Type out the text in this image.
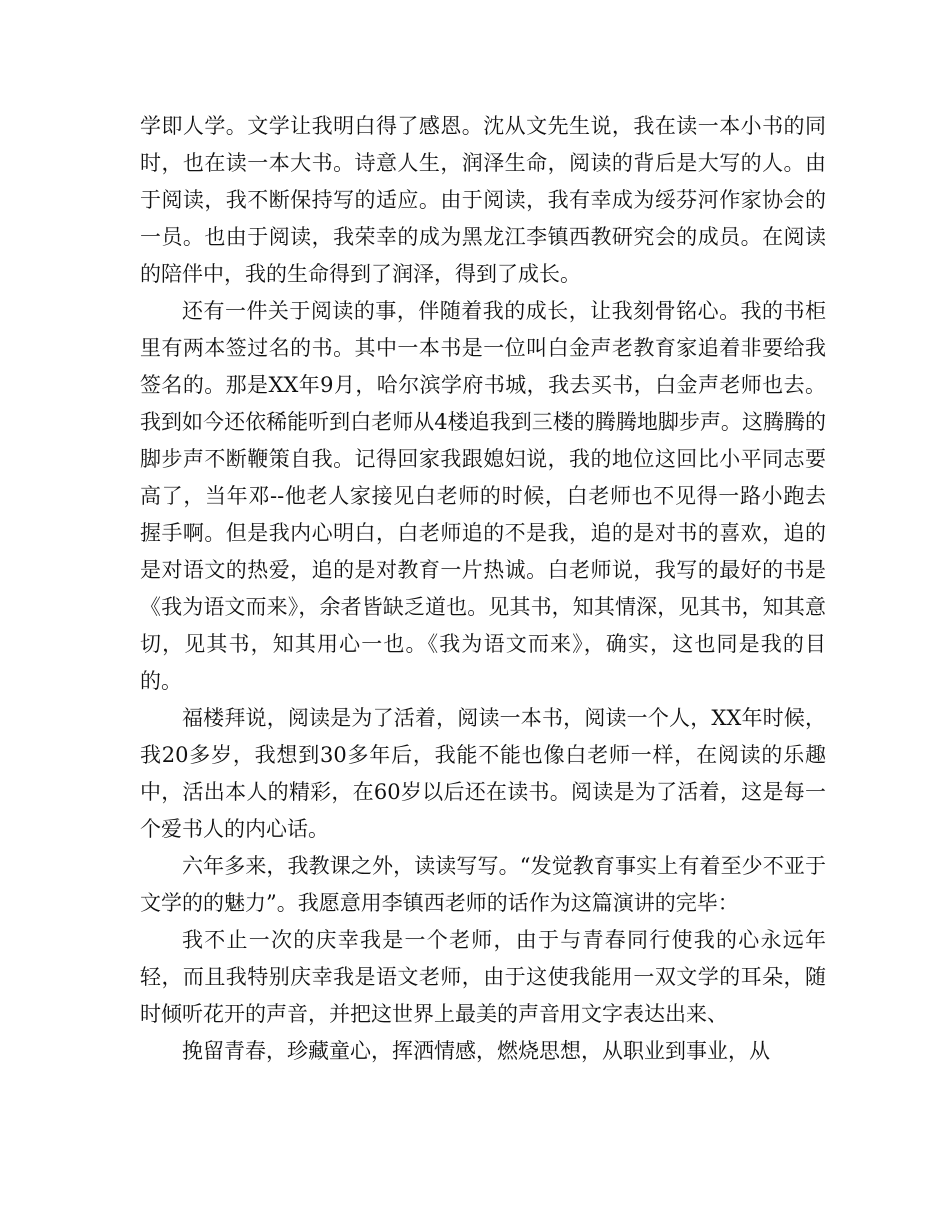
学即人学。文学让我明白得了感恩。沈从文先生说，我在读一本小书的同时，也在读一本大书。诗意人生，润泽生命，阅读的背后是大写的人。由于阅读，我不断保持写的适应。由于阅读，我有幸成为绥芬河作家协会的一员。也由于阅读，我荣幸的成为黑龙江李镇西教研究会的成员。在阅读的陪伴中，我的生命得到了润泽，得到了成长。

还有一件关于阅读的事，伴随着我的成长，让我刻骨铭心。我的书柜里有两本签过名的书。其中一本书是一位叫白金声老教育家追着非要给我签名的。那是XX年9月，哈尔滨学府书城，我去买书，白金声老师也去。我到如今还依稀能听到白老师从4楼追我到三楼的腾腾地脚步声。这腾腾的脚步声不断鞭策自我。记得回家我跟媳妇说，我的地位这回比小平同志要高了，当年邓--他老人家接见白老师的时候，白老师也不见得一路小跑去握手啊。但是我内心明白，白老师追的不是我，追的是对书的喜欢，追的是对语文的热爱，追的是对教育一片热诚。白老师说，我写的最好的书是《我为语文而来》，余者皆缺乏道也。见其书，知其情深，见其书，知其意切，见其书，知其用心一也。《我为语文而来》，确实，这也同是我的目的。

福楼拜说，阅读是为了活着，阅读一本书，阅读一个人，XX年时候，我20多岁，我想到30多年后，我能不能也像白老师一样，在阅读的乐趣中，活出本人的精彩，在60岁以后还在读书。阅读是为了活着，这是每一个爱书人的内心话。

六年多来，我教课之外，读读写写。“发觉教育事实上有着至少不亚于文学的的魅力”。我愿意用李镇西老师的话作为这篇演讲的完毕：

我不止一次的庆幸我是一个老师，由于与青春同行使我的心永远年轻，而且我特别庆幸我是语文老师，由于这使我能用一双文学的耳朵，随时倾听花开的声音，并把这世界上最美的声音用文字表达出来、

挽留青春，珍藏童心，挥洒情感，燃烧思想，从职业到事业，从
